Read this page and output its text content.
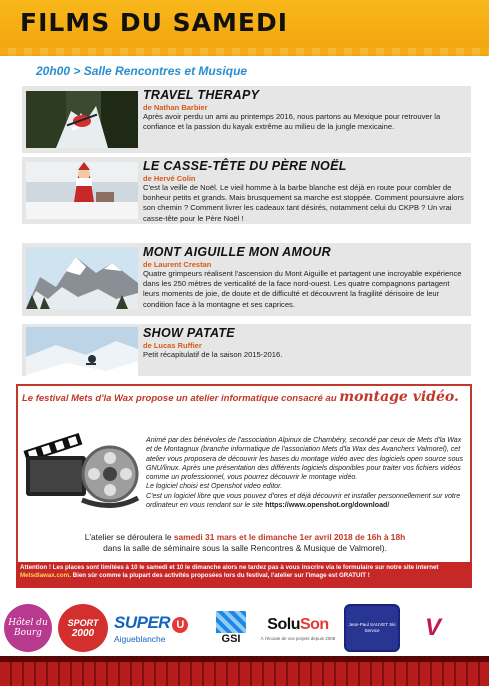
FILMS DU SAMEDI
20h00 > Salle Rencontres et Musique
TRAVEL THERAPY
de Nathan Barbier
Après avoir perdu un ami au printemps 2016, nous partons au Mexique pour retrouver la confiance et la passion du kayak extrême au milieu de la jungle mexicaine.
LE CASSE-TÊTE DU PÈRE NOËL
de Hervé Colin
C'est la veille de Noël. Le vieil homme à la barbe blanche est déjà en route pour combler de bonheur petits et grands. Mais brusquement sa marche est stoppée. Comment poursuivre alors son chemin ? Comment livrer les cadeaux tant désirés, notamment celui du CKPB ? Un vrai casse-tête pour le Père Noël !
MONT AIGUILLE MON AMOUR
de Laurent Crestan
Quatre grimpeurs réalisent l'ascension du Mont Aiguille et partagent une incroyable expérience dans les 250 mètres de verticalité de la face nord-ouest. Les quatre compagnons partagent leurs moments de joie, de doute et de difficulté et découvrent la fragilité dérisoire de leur condition face à la montagne et ses caprices.
SHOW PATATE
de Lucas Ruffier
Petit récapitulatif de la saison 2015-2016.
Le festival Mets d'la Wax propose un atelier informatique consacré au montage vidéo.
Animé par des bénévoles de l'association Alpinux de Chambéry, secondé par ceux de Mets d'la Wax et de Montagnux (branche informatique de l'association Mets d'la Wax des Avanchers Valmorel), cet atelier vous proposera de découvrir les bases du montage vidéo avec des logiciels open source sous GNU/linux. Après une présentation des différents logiciels disponibles pour traiter vos fichiers vidéos comme un professionnel, vous pourrez découvrir le montage vidéo.
Le logiciel choisi est Openshot video editor.
C'est un logiciel libre que vous pouvez d'ores et déjà découvrir et installer personnellement sur votre ordinateur en vous rendant sur le site https://www.openshot.org/download/
L'atelier se déroulera le samedi 31 mars et le dimanche 1er avril 2018 de 16h à 18h
dans la salle de séminaire sous la salle Rencontres & Musique de Valmorel).
Attention ! Les places sont limitées à 10 le samedi et 10 le dimanche alors ne tardez pas à vous inscrire via le formulaire sur notre site internet Metsdlawax.com. Bien sûr comme la plupart des activités proposées lors du festival, l'atelier sur l'image est GRATUIT !
Hôtel du Bourg
SPORT
2000
SUPER U
Aigueblanche	GSI
SoluSon
À l'écoute de vos projets depuis 2008
Jean-Paul SAUVET Ski Service	V
